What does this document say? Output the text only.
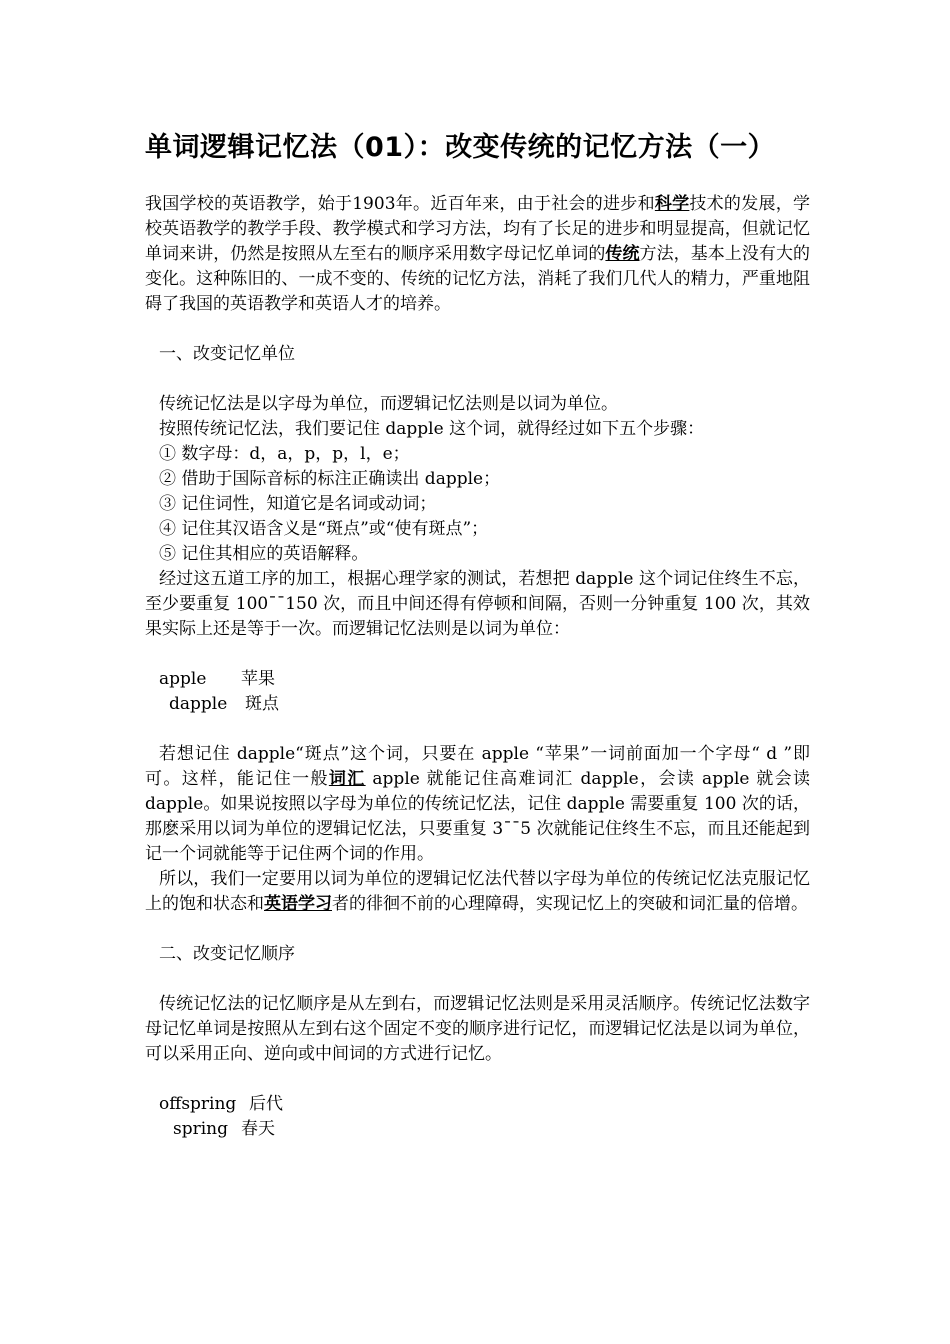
单词逻辑记忆法（01）：改变传统的记忆方法（一）

我国学校的英语教学，始于1903年。近百年来，由于社会的进步和科学技术的发展，学校英语教学的教学手段、教学模式和学习方法，均有了长足的进步和明显提高，但就记忆单词来讲，仍然是按照从左至右的顺序采用数字母记忆单词的传统方法，基本上没有大的变化。这种陈旧的、一成不变的、传统的记忆方法，消耗了我们几代人的精力，严重地阻碍了我国的英语教学和英语人才的培养。

一、改变记忆单位

传统记忆法是以字母为单位，而逻辑记忆法则是以词为单位。

按照传统记忆法，我们要记住 dapple 这个词，就得经过如下五个步骤：

① 数字母：d，a，p，p，l，e；

② 借助于国际音标的标注正确读出 dapple；

③ 记住词性，知道它是名词或动词；

④ 记住其汉语含义是“斑点”或“使有斑点”；

⑤ 记住其相应的英语解释。

经过这五道工序的加工，根据心理学家的测试，若想把 dapple 这个词记住终生不忘，至少要重复 100¯¯150 次，而且中间还得有停顿和间隔，否则一分钟重复 100 次，其效果实际上还是等于一次。而逻辑记忆法则是以词为单位：

apple 苹果
dapple 斑点

若想记住 dapple“斑点”这个词，只要在 apple “苹果”一词前面加一个字母“ d ”即可。这样，能记住一般词汇 apple 就能记住高难词汇 dapple，会读 apple 就会读 dapple。如果说按照以字母为单位的传统记忆法，记住 dapple 需要重复 100 次的话，那麽采用以词为单位的逻辑记忆法，只要重复 3¯¯5 次就能记住终生不忘，而且还能起到记一个词就能等于记住两个词的作用。

所以，我们一定要用以词为单位的逻辑记忆法代替以字母为单位的传统记忆法克服记忆上的饱和状态和英语学习者的徘徊不前的心理障碍，实现记忆上的突破和词汇量的倍增。

二、改变记忆顺序

传统记忆法的记忆顺序是从左到右，而逻辑记忆法则是采用灵活顺序。传统记忆法数字母记忆单词是按照从左到右这个固定不变的顺序进行记忆，而逻辑记忆法是以词为单位，可以采用正向、逆向或中间词的方式进行记忆。

offspring 后代
spring 春天
